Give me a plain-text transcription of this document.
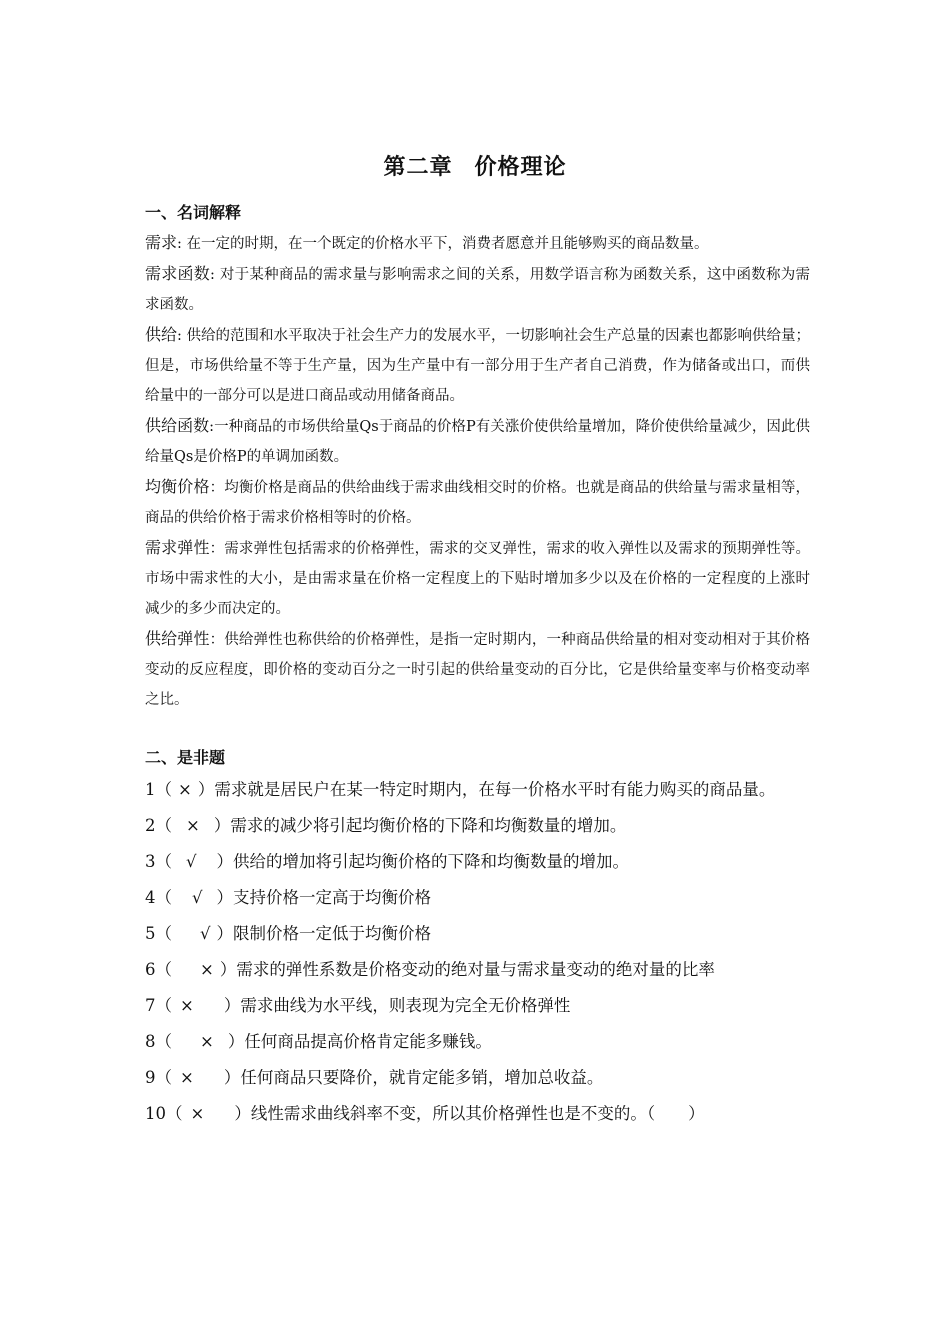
第二章 价格理论
一、名词解释
需求: 在一定的时期，在一个既定的价格水平下，消费者愿意并且能够购买的商品数量。
需求函数: 对于某种商品的需求量与影响需求之间的关系，用数学语言称为函数关系，这中函数称为需求函数。
供给: 供给的范围和水平取决于社会生产力的发展水平，一切影响社会生产总量的因素也都影响供给量；但是，市场供给量不等于生产量，因为生产量中有一部分用于生产者自己消费，作为储备或出口，而供给量中的一部分可以是进口商品或动用储备商品。
供给函数:一种商品的市场供给量Qs于商品的价格P有关涨价使供给量增加，降价使供给量减少，因此供给量Qs是价格P的单调加函数。
均衡价格：均衡价格是商品的供给曲线于需求曲线相交时的价格。也就是商品的供给量与需求量相等，商品的供给价格于需求价格相等时的价格。
需求弹性：需求弹性包括需求的价格弹性，需求的交叉弹性，需求的收入弹性以及需求的预期弹性等。市场中需求性的大小，是由需求量在价格一定程度上的下贴时增加多少以及在价格的一定程度的上涨时减少的多少而决定的。
供给弹性：供给弹性也称供给的价格弹性，是指一定时期内，一种商品供给量的相对变动相对于其价格变动的反应程度，即价格的变动百分之一时引起的供给量变动的百分比，它是供给量变率与价格变动率之比。
二、是非题
1（ × ）需求就是居民户在某一特定时期内，在每一价格水平时有能力购买的商品量。
2（ × ）需求的减少将引起均衡价格的下降和均衡数量的增加。
3（ √ ）供给的增加将引起均衡价格的下降和均衡数量的增加。
4（ √ ）支持价格一定高于均衡价格
5（ √ ）限制价格一定低于均衡价格
6（ × ）需求的弹性系数是价格变动的绝对量与需求量变动的绝对量的比率
7（ × ）需求曲线为水平线，则表现为完全无价格弹性
8（ × ）任何商品提高价格肯定能多赚钱。
9（ × ）任何商品只要降价，就肯定能多销，增加总收益。
10（ × ）线性需求曲线斜率不变，所以其价格弹性也是不变的。（　　）
